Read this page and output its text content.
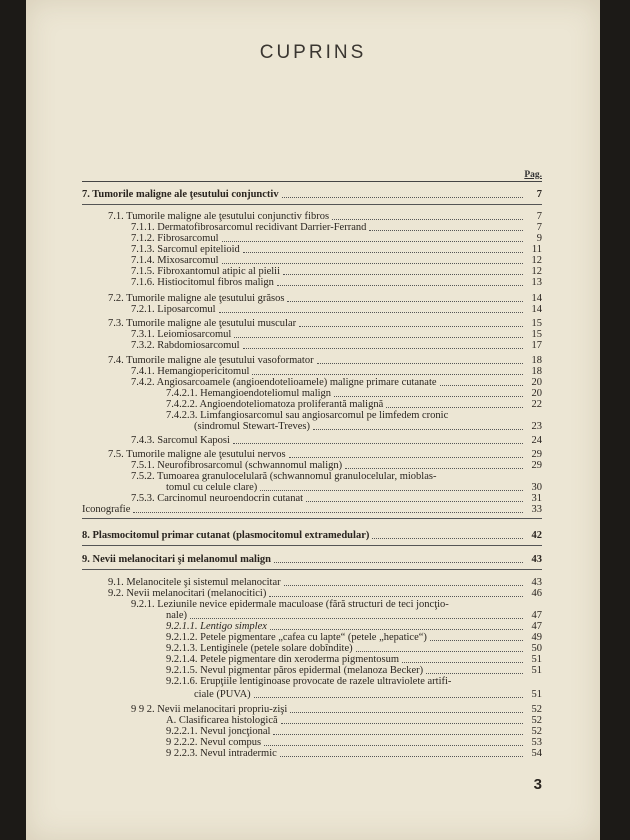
CUPRINS
Pag.
7. Tumorile maligne ale ţesutului conjunctiv	7
7.1. Tumorile maligne ale ţesutului conjunctiv fibros	7
7.1.1. Dermatofibrosarcomul recidivant Darrier-Ferrand	7
7.1.2. Fibrosarcomul	9
7.1.3. Sarcomul epitelioid	11
7.1.4. Mixosarcomul	12
7.1.5. Fibroxantomul atipic al pielii	12
7.1.6. Histiocitomul fibros malign	13
7.2. Tumorile maligne ale ţesutului grăsos	14
7.2.1. Liposarcomul	14
7.3. Tumorile maligne ale ţesutului muscular	15
7.3.1. Leiomiosarcomul	15
7.3.2. Rabdomiosarcomul	17
7.4. Tumorile maligne ale ţesutului vasoformator	18
7.4.1. Hemangiopericitomul	18
7.4.2. Angiosarcoamele (angioendotelioamele) maligne primare cutanate	20
7.4.2.1. Hemangioendoteliomul malign	20
7.4.2.2. Angioendoteliomatoza proliferantă malignă	22
7.4.2.3. Limfangiosarcomul sau angiosarcomul pe limfedem cronic
(sindromul Stewart-Treves)	23
7.4.3. Sarcomul Kaposi	24
7.5. Tumorile maligne ale ţesutului nervos	29
7.5.1. Neurofibrosarcomul (schwannomul malign)	29
7.5.2. Tumoarea granulocelulară (schwannomul granulocelular, mioblas-
tomul cu celule clare)	30
7.5.3. Carcinomul neuroendocrin cutanat	31
Iconografie	33
8. Plasmocitomul primar cutanat (plasmocitomul extramedular)	42
9. Nevii melanocitari şi melanomul malign	43
9.1. Melanocitele şi sistemul melanocitar	43
9.2. Nevii melanocitari (melanocitici)	46
9.2.1. Leziunile nevice epidermale maculoase (fără structuri de teci joncţio-
nale)	47
9.2.1.1. Lentigo simplex	47
9.2.1.2. Petele pigmentare „cafea cu lapte“ (petele „hepatice“)	49
9.2.1.3. Lentiginele (petele solare dobîndite)	50
9.2.1.4. Petele pigmentare din xeroderma pigmentosum	51
9.2.1.5. Nevul pigmentar păros epidermal (melanoza Becker)	51
9.2.1.6. Erupţiile lentiginoase provocate de razele ultraviolete artifi-
ciale (PUVA)	51
9 9 2. Nevii melanocitari propriu-zişi	52
A. Clasificarea histologică	52
9.2.2.1. Nevul joncţional	52
9 2.2.2. Nevul compus	53
9 2.2.3. Nevul intradermic	54
3
